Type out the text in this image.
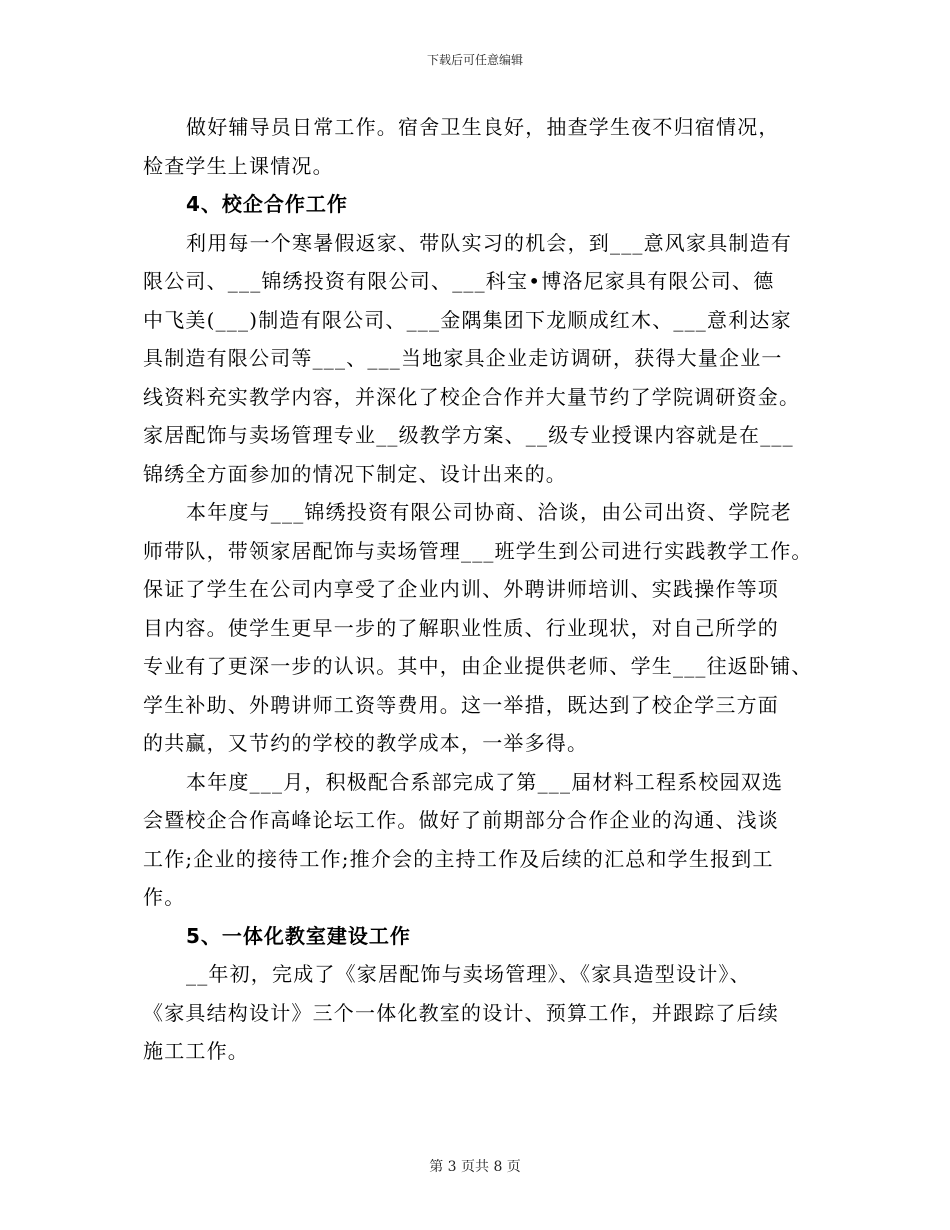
下载后可任意编辑
做好辅导员日常工作。宿舍卫生良好，抽查学生夜不归宿情况，
检查学生上课情况。
4、校企合作工作
利用每一个寒暑假返家、带队实习的机会，到___意风家具制造有
限公司、___锦绣投资有限公司、___科宝•博洛尼家具有限公司、德
中飞美(___)制造有限公司、___金隅集团下龙顺成红木、___意利达家
具制造有限公司等___、___当地家具企业走访调研，获得大量企业一
线资料充实教学内容，并深化了校企合作并大量节约了学院调研资金。
家居配饰与卖场管理专业__级教学方案、__级专业授课内容就是在___
锦绣全方面参加的情况下制定、设计出来的。
本年度与___锦绣投资有限公司协商、洽谈，由公司出资、学院老
师带队，带领家居配饰与卖场管理___班学生到公司进行实践教学工作。
保证了学生在公司内享受了企业内训、外聘讲师培训、实践操作等项
目内容。使学生更早一步的了解职业性质、行业现状，对自己所学的
专业有了更深一步的认识。其中，由企业提供老师、学生___往返卧铺、
学生补助、外聘讲师工资等费用。这一举措，既达到了校企学三方面
的共赢，又节约的学校的教学成本，一举多得。
本年度___月，积极配合系部完成了第___届材料工程系校园双选
会暨校企合作高峰论坛工作。做好了前期部分合作企业的沟通、浅谈
工作;企业的接待工作;推介会的主持工作及后续的汇总和学生报到工
作。
5、一体化教室建设工作
__年初，完成了《家居配饰与卖场管理》、《家具造型设计》、
《家具结构设计》三个一体化教室的设计、预算工作，并跟踪了后续
施工工作。
第 3 页共 8 页
